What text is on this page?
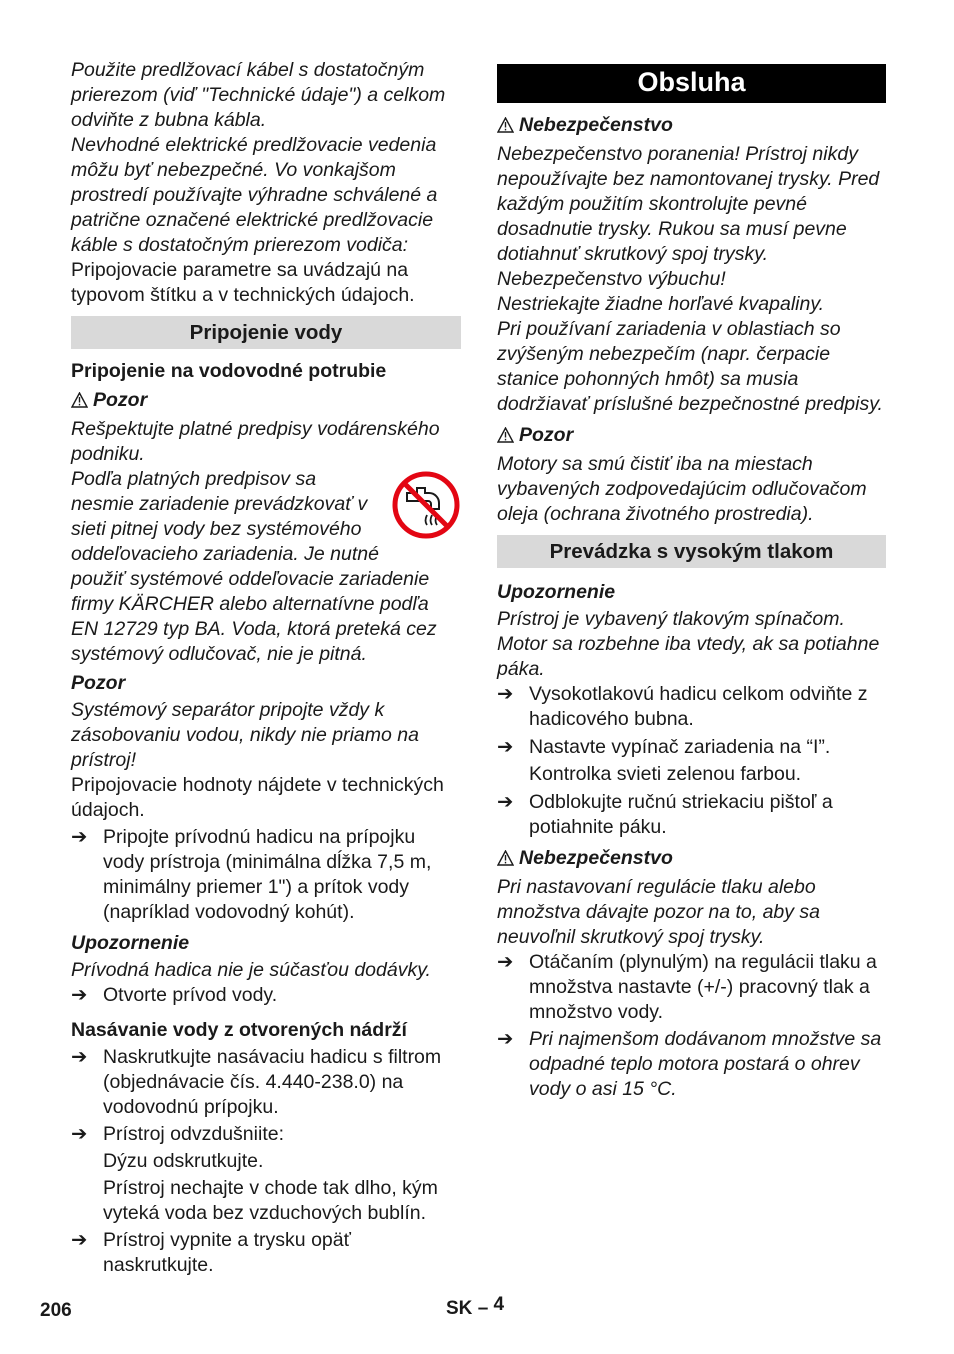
Použite predlžovací kábel s dostatočným prierezom (viď "Technické údaje") a celkom odviňte z bubna kábla.

Nevhodné elektrické predlžovacie vedenia môžu byť nebezpečné. Vo vonkajšom prostredí používajte výhradne schválené a patrične označené elektrické predlžovacie káble s dostatočným prierezom vodiča:

Pripojovacie parametre sa uvádzajú na typovom štítku a v technických údajoch.

Pripojenie vody

Pripojenie na vodovodné potrubie

Pozor

Rešpektujte platné predpisy vodárenského podniku.

Podľa platných predpisov sa nesmie zariadenie prevádzkovať v sieti pitnej vody bez systémového oddeľovacieho zariadenia. Je nutné použiť systémové oddeľovacie zariadenie firmy KÄRCHER alebo alternatívne podľa EN 12729 typ BA. Voda, ktorá preteká cez systémový odlučovač, nie je pitná.

Pozor

Systémový separátor pripojte vždy k zásobovaniu vodou, nikdy nie priamo na prístroj!

Pripojovacie hodnoty nájdete v technických údajoch.

➔ Pripojte prívodnú hadicu na prípojku vody prístroja (minimálna dĺžka 7,5 m, minimálny priemer 1") a prítok vody (napríklad vodovodný kohút).

Upozornenie

Prívodná hadica nie je súčasťou dodávky.

➔ Otvorte prívod vody.

Nasávanie vody z otvorených nádrží

➔ Naskrutkujte nasávaciu hadicu s filtrom (objednávacie čís. 4.440-238.0) na vodovodnú prípojku.
➔ Prístroj odvzdušniite:

Dýzu odskrutkujte.

Prístroj nechajte v chode tak dlho, kým vyteká voda bez vzduchových bublín.

➔ Prístroj vypnite a trysku opäť naskrutkujte.
Obsluha

Nebezpečenstvo

Nebezpečenstvo poranenia! Prístroj nikdy nepoužívajte bez namontovanej trysky. Pred každým použitím skontrolujte pevné dosadnutie trysky. Rukou sa musí pevne dotiahnuť skrutkový spoj trysky.

Nebezpečenstvo výbuchu!

Nestriekajte žiadne horľavé kvapaliny.

Pri používaní zariadenia v oblastiach so zvýšeným nebezpečím (napr. čerpacie stanice pohonných hmôt) sa musia dodržiavať príslušné bezpečnostné predpisy.

Pozor

Motory sa smú čistiť iba na miestach vybavených zodpovedajúcim odlučovačom oleja (ochrana životného prostredia).

Prevádzka s vysokým tlakom

Upozornenie

Prístroj je vybavený tlakovým spínačom. Motor sa rozbehne iba vtedy, ak sa potiahne páka.

➔ Vysokotlakovú hadicu celkom odviňte z hadicového bubna.
➔ Nastavte vypínač zariadenia na “I”.

Kontrolka svieti zelenou farbou.

➔ Odblokujte ručnú striekaciu pištoľ a potiahnite páku.

Nebezpečenstvo

Pri nastavovaní regulácie tlaku alebo množstva dávajte pozor na to, aby sa neuvoľnil skrutkový spoj trysky.

➔ Otáčaním (plynulým) na regulácii tlaku a množstva nastavte (+/-) pracovný tlak a množstvo vody.
➔ Pri najmenšom dodávanom množstve sa odpadné teplo motora postará o ohrev vody o asi 15 °C.
206	SK – 4
